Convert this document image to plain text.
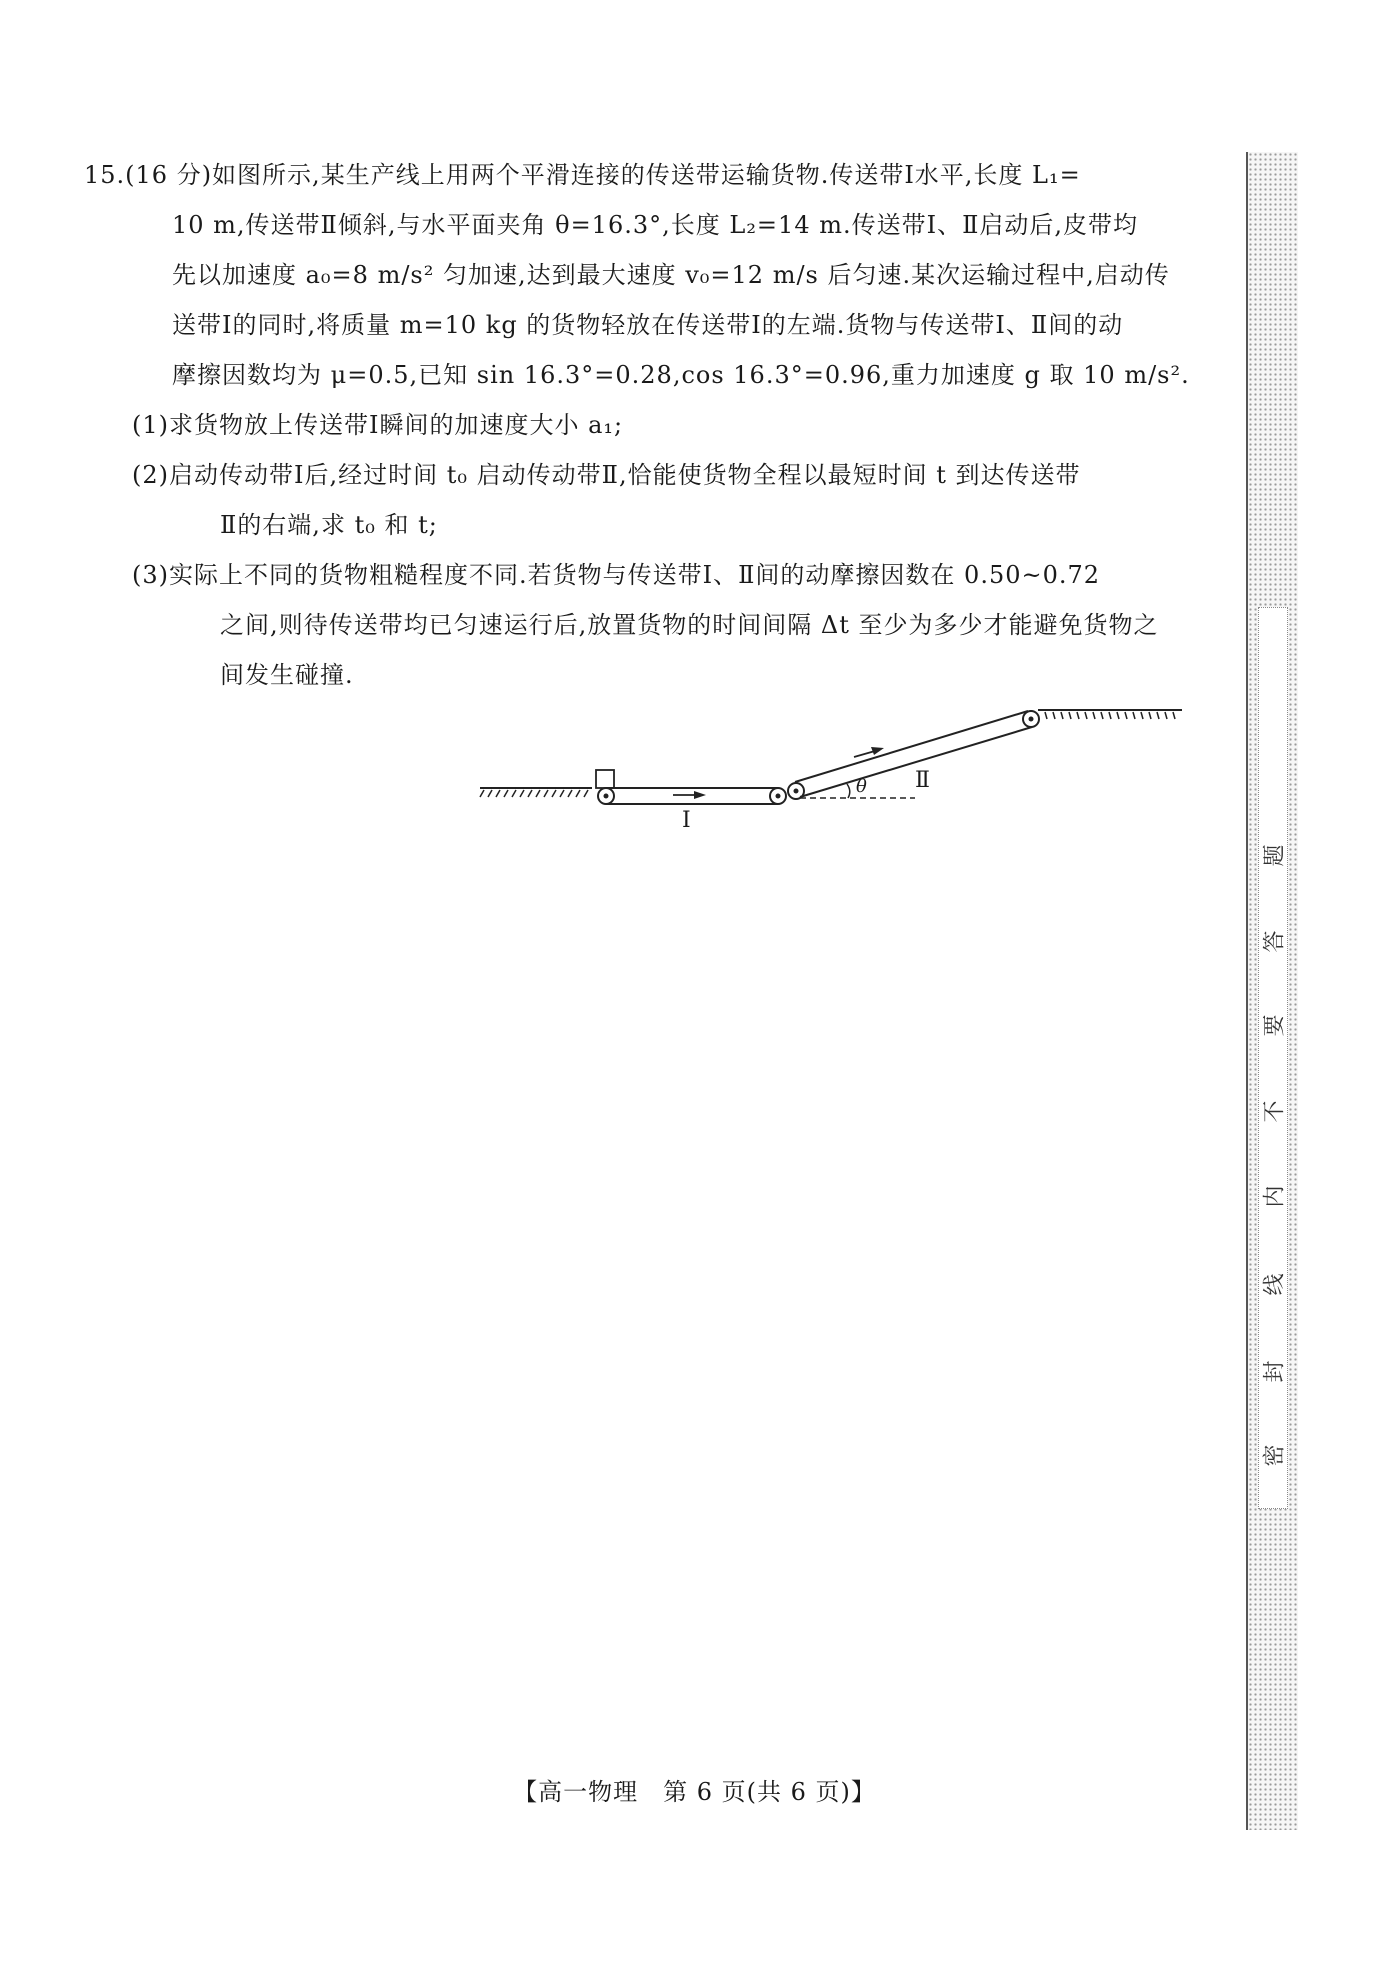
15.(16 分)如图所示,某生产线上用两个平滑连接的传送带运输货物.传送带Ⅰ水平,长度 L₁=
10 m,传送带Ⅱ倾斜,与水平面夹角 θ=16.3°,长度 L₂=14 m.传送带Ⅰ、Ⅱ启动后,皮带均
先以加速度 a₀=8 m/s² 匀加速,达到最大速度 v₀=12 m/s 后匀速.某次运输过程中,启动传
送带Ⅰ的同时,将质量 m=10 kg 的货物轻放在传送带Ⅰ的左端.货物与传送带Ⅰ、Ⅱ间的动
摩擦因数均为 μ=0.5,已知 sin 16.3°=0.28,cos 16.3°=0.96,重力加速度 g 取 10 m/s².
(1)求货物放上传送带Ⅰ瞬间的加速度大小 a₁;
(2)启动传动带Ⅰ后,经过时间 t₀ 启动传动带Ⅱ,恰能使货物全程以最短时间 t 到达传送带
Ⅱ的右端,求 t₀ 和 t;
(3)实际上不同的货物粗糙程度不同.若货物与传送带Ⅰ、Ⅱ间的动摩擦因数在 0.50~0.72
之间,则待传送带均已匀速运行后,放置货物的时间间隔 Δt 至少为多少才能避免货物之
间发生碰撞.
Ⅰ
Ⅱ
θ
题
答
要
不
内
线
封
密
【高一物理　第 6 页(共 6 页)】
